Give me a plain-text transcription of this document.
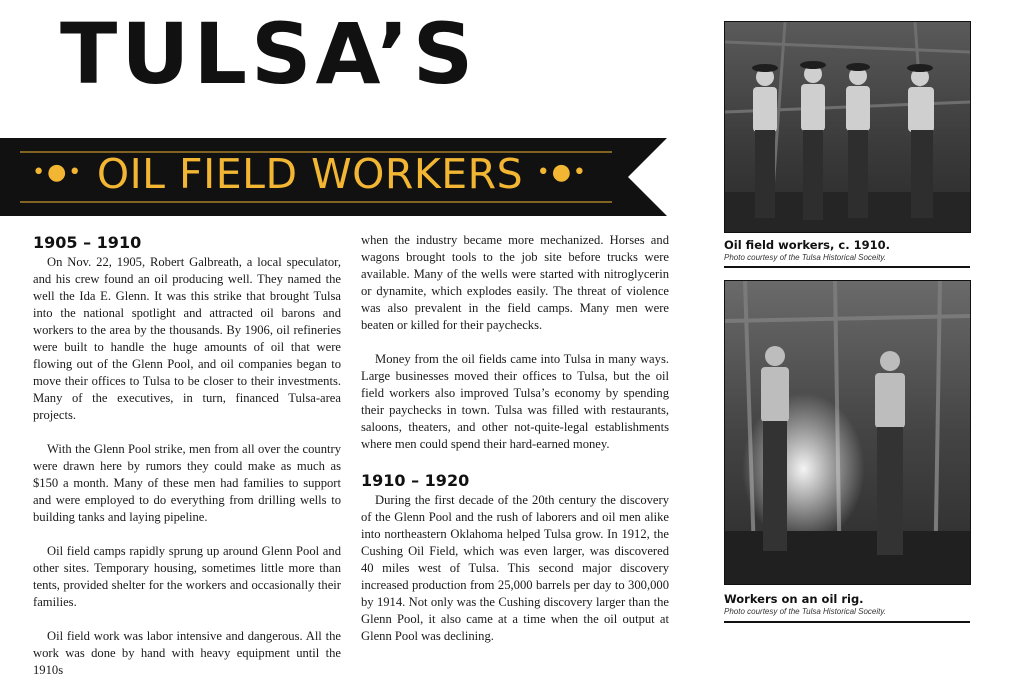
TULSA’S
•●• OIL FIELD WORKERS •●•
1905 – 1910

On Nov. 22, 1905, Robert Galbreath, a local speculator, and his crew found an oil producing well. They named the well the Ida E. Glenn. It was this strike that brought Tulsa into the national spotlight and attracted oil barons and workers to the area by the thousands. By 1906, oil refineries were built to handle the huge amounts of oil that were flowing out of the Glenn Pool, and oil companies began to move their offices to Tulsa to be closer to their investments. Many of the executives, in turn, financed Tulsa-area projects.

With the Glenn Pool strike, men from all over the country were drawn here by rumors they could make as much as $150 a month. Many of these men had families to support and were employed to do everything from drilling wells to building tanks and laying pipeline.

Oil field camps rapidly sprung up around Glenn Pool and other sites. Temporary housing, sometimes little more than tents, provided shelter for the workers and occasionally their families.

Oil field work was labor intensive and dangerous. All the work was done by hand with heavy equipment until the 1910s

when the industry became more mechanized. Horses and wagons brought tools to the job site before trucks were available. Many of the wells were started with nitroglycerin or dynamite, which explodes easily. The threat of violence was also prevalent in the field camps. Many men were beaten or killed for their paychecks.

Money from the oil fields came into Tulsa in many ways. Large businesses moved their offices to Tulsa, but the oil field workers also improved Tulsa’s economy by spending their paychecks in town. Tulsa was filled with restaurants, saloons, theaters, and other not-quite-legal establishments where men could spend their hard-earned money.

1910 – 1920

During the first decade of the 20th century the discovery of the Glenn Pool and the rush of laborers and oil men alike into northeastern Oklahoma helped Tulsa grow. In 1912, the Cushing Oil Field, which was even larger, was discovered 40 miles west of Tulsa. This second major discovery increased production from 25,000 barrels per day to 300,000 by 1914. Not only was the Cushing discovery larger than the Glenn Pool, it also came at a time when the oil output at Glenn Pool was declining.

Oil field workers, c. 1910.
Photo courtesy of the Tulsa Historical Soceity.
Workers on an oil rig.
Photo courtesy of the Tulsa Historical Soceity.
